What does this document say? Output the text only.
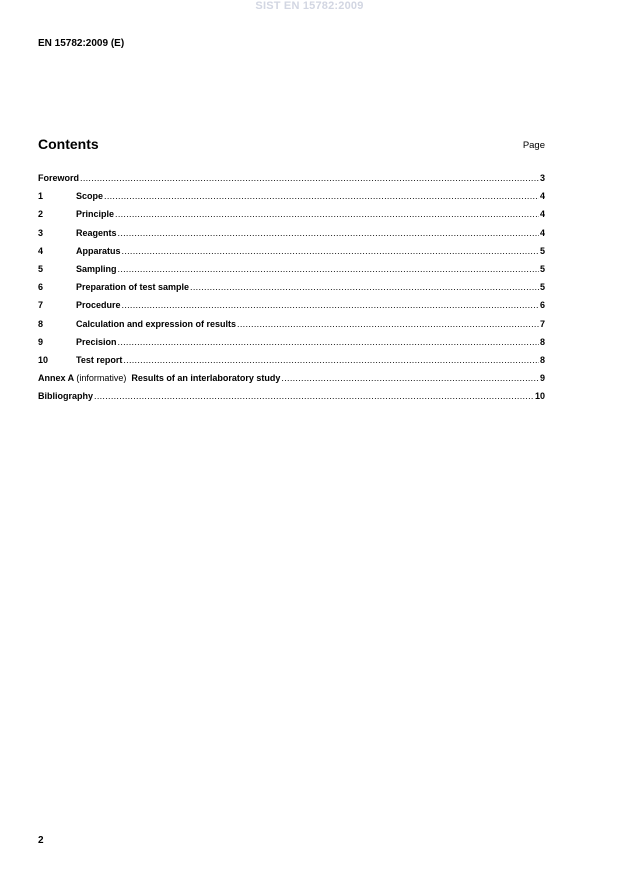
SIST EN 15782:2009
EN 15782:2009 (E)
Contents	Page
Foreword .....	3
1	Scope .....	4
2	Principle .....	4
3	Reagents .....	4
4	Apparatus .....	5
5	Sampling .....	5
6	Preparation of test sample .....	5
7	Procedure .....	6
8	Calculation and expression of results .....	7
9	Precision .....	8
10	Test report .....	8
Annex A (informative) Results of an interlaboratory study .....	9
Bibliography .....	10
2
